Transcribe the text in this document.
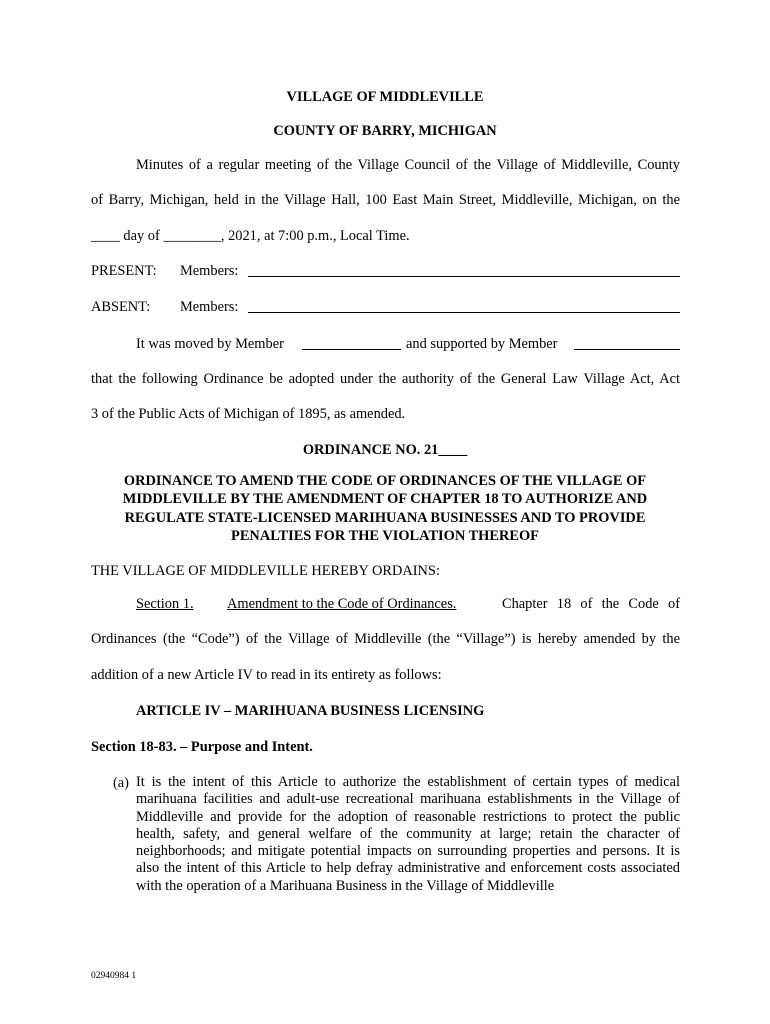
VILLAGE OF MIDDLEVILLE
COUNTY OF BARRY, MICHIGAN
Minutes of a regular meeting of the Village Council of the Village of Middleville, County
of Barry, Michigan, held in the Village Hall, 100 East Main Street, Middleville, Michigan, on the
____ day of ________, 2021, at 7:00 p.m., Local Time.
PRESENT: Members:
ABSENT: Members:
It was moved by Member	and supported by Member
that the following Ordinance be adopted under the authority of the General Law Village Act, Act
3 of the Public Acts of Michigan of 1895, as amended.
ORDINANCE NO. 21____
ORDINANCE TO AMEND THE CODE OF ORDINANCES OF THE VILLAGE OF
MIDDLEVILLE BY THE AMENDMENT OF CHAPTER 18 TO AUTHORIZE AND
REGULATE STATE-LICENSED MARIHUANA BUSINESSES AND TO PROVIDE
PENALTIES FOR THE VIOLATION THEREOF
THE VILLAGE OF MIDDLEVILLE HEREBY ORDAINS:
Section 1. Amendment to the Code of Ordinances.	Chapter 18 of the Code of
Ordinances (the “Code”) of the Village of Middleville (the “Village”) is hereby amended by the
addition of a new Article IV to read in its entirety as follows:
ARTICLE IV – MARIHUANA BUSINESS LICENSING
Section 18-83. – Purpose and Intent.
(a) It is the intent of this Article to authorize the establishment of certain types of medical marihuana facilities and adult-use recreational marihuana establishments in the Village of Middleville and provide for the adoption of reasonable restrictions to protect the public health, safety, and general welfare of the community at large; retain the character of neighborhoods; and mitigate potential impacts on surrounding properties and persons. It is also the intent of this Article to help defray administrative and enforcement costs associated with the operation of a Marihuana Business in the Village of Middleville
02940984 1
